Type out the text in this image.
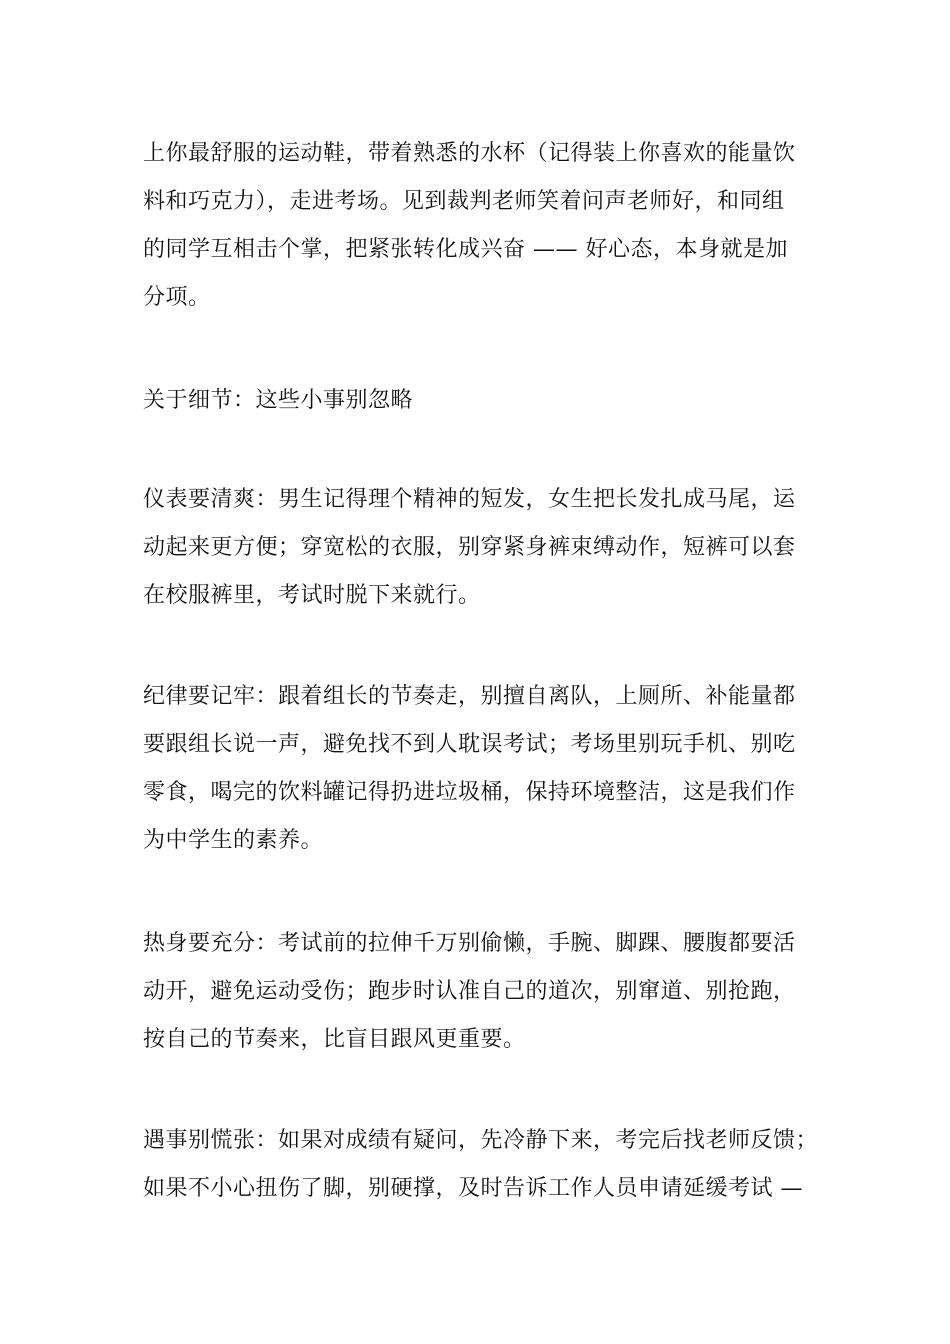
上你最舒服的运动鞋，带着熟悉的水杯（记得装上你喜欢的能量饮
料和巧克力），走进考场。见到裁判老师笑着问声老师好，和同组
的同学互相击个掌，把紧张转化成兴奋 —— 好心态，本身就是加
分项。

关于细节：这些小事别忽略

仪表要清爽：男生记得理个精神的短发，女生把长发扎成马尾，运
动起来更方便；穿宽松的衣服，别穿紧身裤束缚动作，短裤可以套
在校服裤里，考试时脱下来就行。

纪律要记牢：跟着组长的节奏走，别擅自离队，上厕所、补能量都
要跟组长说一声，避免找不到人耽误考试；考场里别玩手机、别吃
零食，喝完的饮料罐记得扔进垃圾桶，保持环境整洁，这是我们作
为中学生的素养。

热身要充分：考试前的拉伸千万别偷懒，手腕、脚踝、腰腹都要活
动开，避免运动受伤；跑步时认准自己的道次，别窜道、别抢跑，
按自己的节奏来，比盲目跟风更重要。

遇事别慌张：如果对成绩有疑问，先冷静下来，考完后找老师反馈；
如果不小心扭伤了脚，别硬撑，及时告诉工作人员申请延缓考试 —
